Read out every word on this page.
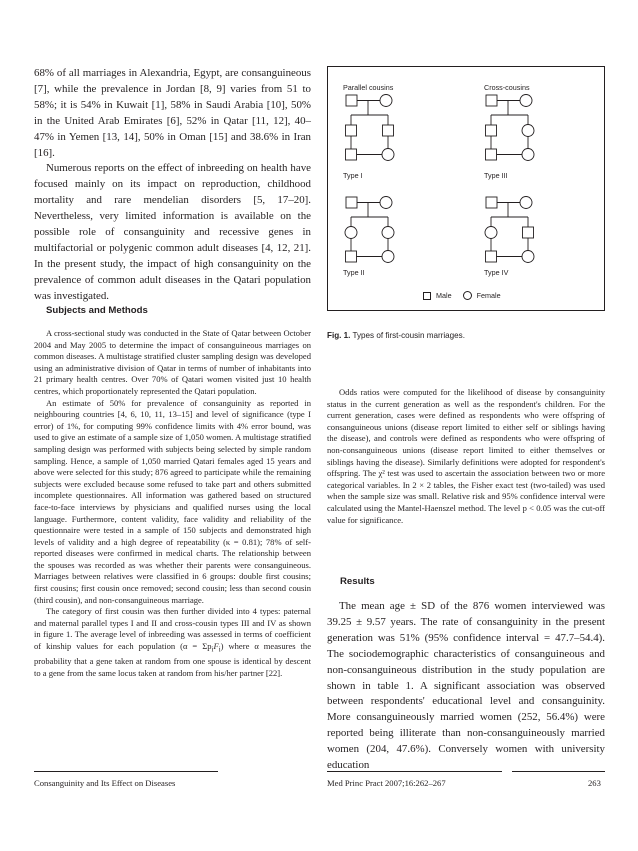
68% of all marriages in Alexandria, Egypt, are consanguineous [7], while the prevalence in Jordan [8, 9] varies from 51 to 58%; it is 54% in Kuwait [1], 58% in Saudi Arabia [10], 50% in the United Arab Emirates [6], 52% in Qatar [11, 12], 40–47% in Yemen [13, 14], 50% in Oman [15] and 38.6% in Iran [16].

Numerous reports on the effect of inbreeding on health have focused mainly on its impact on reproduction, childhood mortality and rare mendelian disorders [5, 17–20]. Nevertheless, very limited information is available on the possible role of consanguinity and recessive genes in multifactorial or polygenic common adult diseases [4, 12, 21]. In the present study, the impact of high consanguinity on the prevalence of common adult diseases in the Qatari population was investigated.

Subjects and Methods

A cross-sectional study was conducted in the State of Qatar between October 2004 and May 2005 to determine the impact of consanguineous marriages on common diseases. A multistage stratified cluster sampling design was developed using an administrative division of Qatar in terms of number of inhabitants into 21 primary health centres. Over 70% of Qatari women visited just 10 health centres, which proportionately represented the Qatari population.

An estimate of 50% for prevalence of consanguinity as reported in neighbouring countries [4, 6, 10, 11, 13–15] and level of significance (type I error) of 1%, for computing 99% confidence limits with 4% error bound, was used to give an estimate of a sample size of 1,050 women. A multistage stratified sampling design was performed with subjects being selected by simple random sampling. Hence, a sample of 1,050 married Qatari females aged 15 years and above were selected for this study; 876 agreed to participate while the remaining subjects were excluded because some refused to take part and others submitted incomplete questionnaires. All information was gathered based on structured face-to-face interviews by physicians and qualified nurses using the local language. Furthermore, content validity, face validity and reliability of the questionnaire were tested in a sample of 150 subjects and demonstrated high levels of validity and a high degree of repeatability (κ = 0.81); 78% of self-reported diseases were confirmed in medical charts. The relationship between the spouses was recorded as was whether their parents were consanguineous. Marriages between relatives were classified in 6 groups: double first cousins; first cousins; first cousin once removed; second cousin; less than second cousin (third cousin), and non-consanguineous marriage.

The category of first cousin was then further divided into 4 types: paternal and maternal parallel types I and II and cross-cousin types III and IV as shown in figure 1. The average level of inbreeding was assessed in terms of coefficient of kinship values for each population $(\alpha = \Sigma p_iF_i)$ where α measures the probability that a gene taken at random from one spouse is identical by descent to a gene from the same locus taken at random from his/her partner [22].

Parallel cousins	Cross-cousins
Type I	Type III
Type II	Type IV
Male	Female
Fig. 1. Types of first-cousin marriages.

Odds ratios were computed for the likelihood of disease by consanguinity status in the current generation as well as the respondent's children. For the current generation, cases were defined as respondents who were offspring of consanguineous unions (disease report limited to either self or siblings having the disease), and controls were defined as respondents who were offspring of non-consanguineous unions (disease report limited to either themselves or siblings having the disease). Similarly definitions were adopted for respondent's offspring. The χ² test was used to ascertain the association between two or more categorical variables. In 2 × 2 tables, the Fisher exact test (two-tailed) was used when the sample size was small. Relative risk and 95% confidence interval were calculated using the Mantel-Haenszel method. The level p < 0.05 was the cut-off value for significance.

Results

The mean age ± SD of the 876 women interviewed was 39.25 ± 9.57 years. The rate of consanguinity in the present generation was 51% (95% confidence interval = 47.7–54.4). The sociodemographic characteristics of consanguineous and non-consanguineous distribution in the study population are shown in table 1. A significant association was observed between respondents' educational level and consanguinity. More consanguineously married women (252, 56.4%) were reported being illiterate than non-consanguineously married women (204, 47.6%). Conversely women with university education

Consanguinity and Its Effect on Diseases	Med Princ Pract 2007;16:262–267	263
